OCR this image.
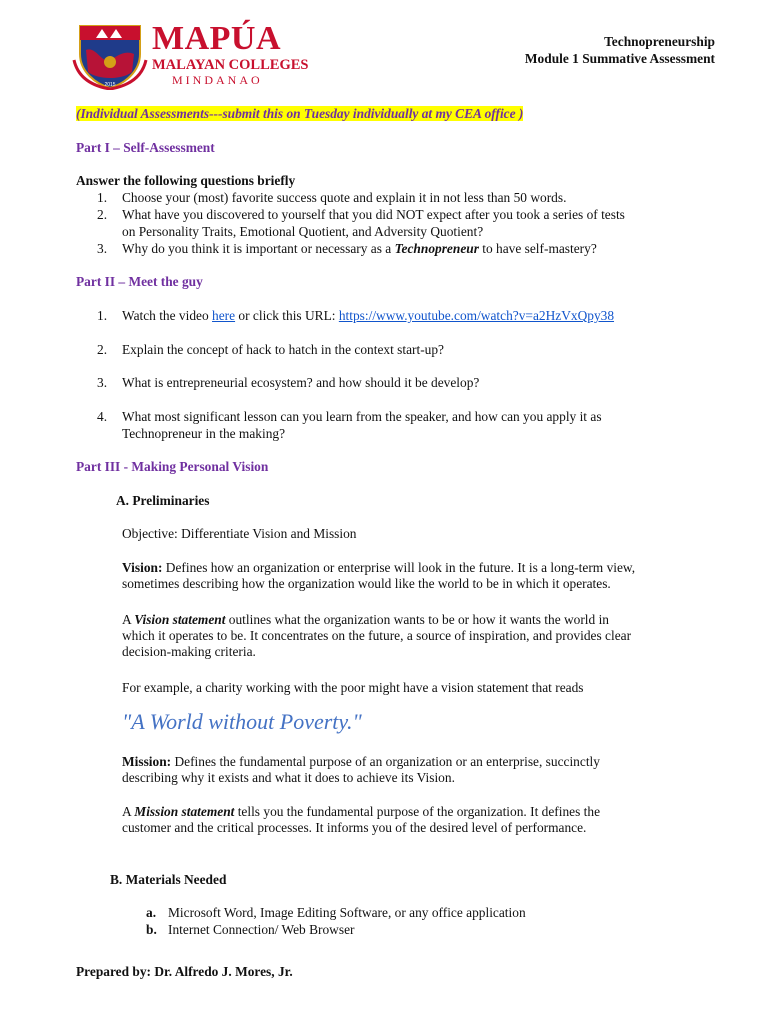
2015
MAPÚA
MALAYAN COLLEGES
MINDANAO
Technopreneurship
Module 1 Summative Assessment
(Individual Assessments---submit this on Tuesday individually at my CEA office )
Part I – Self-Assessment
Answer the following questions briefly
1. Choose your (most) favorite success quote and explain it in not less than 50 words.
2. What have you discovered to yourself that you did NOT expect after you took a series of tests
on Personality Traits, Emotional Quotient, and Adversity Quotient?
3. Why do you think it is important or necessary as a Technopreneur to have self-mastery?
Part II – Meet the guy
1. Watch the video here or click this URL: https://www.youtube.com/watch?v=a2HzVxQpy38
2. Explain the concept of hack to hatch in the context start-up?
3. What is entrepreneurial ecosystem? and how should it be develop?
4. What most significant lesson can you learn from the speaker, and how can you apply it as
Technopreneur in the making?
Part III - Making Personal Vision
A. Preliminaries
Objective: Differentiate Vision and Mission
Vision: Defines how an organization or enterprise will look in the future. It is a long-term view,
sometimes describing how the organization would like the world to be in which it operates.
A Vision statement outlines what the organization wants to be or how it wants the world in
which it operates to be. It concentrates on the future, a source of inspiration, and provides clear
decision-making criteria.
For example, a charity working with the poor might have a vision statement that reads
"A World without Poverty."
Mission: Defines the fundamental purpose of an organization or an enterprise, succinctly
describing why it exists and what it does to achieve its Vision.
A Mission statement tells you the fundamental purpose of the organization. It defines the
customer and the critical processes. It informs you of the desired level of performance.
B. Materials Needed
a. Microsoft Word, Image Editing Software, or any office application
b. Internet Connection/ Web Browser
Prepared by: Dr. Alfredo J. Mores, Jr.
